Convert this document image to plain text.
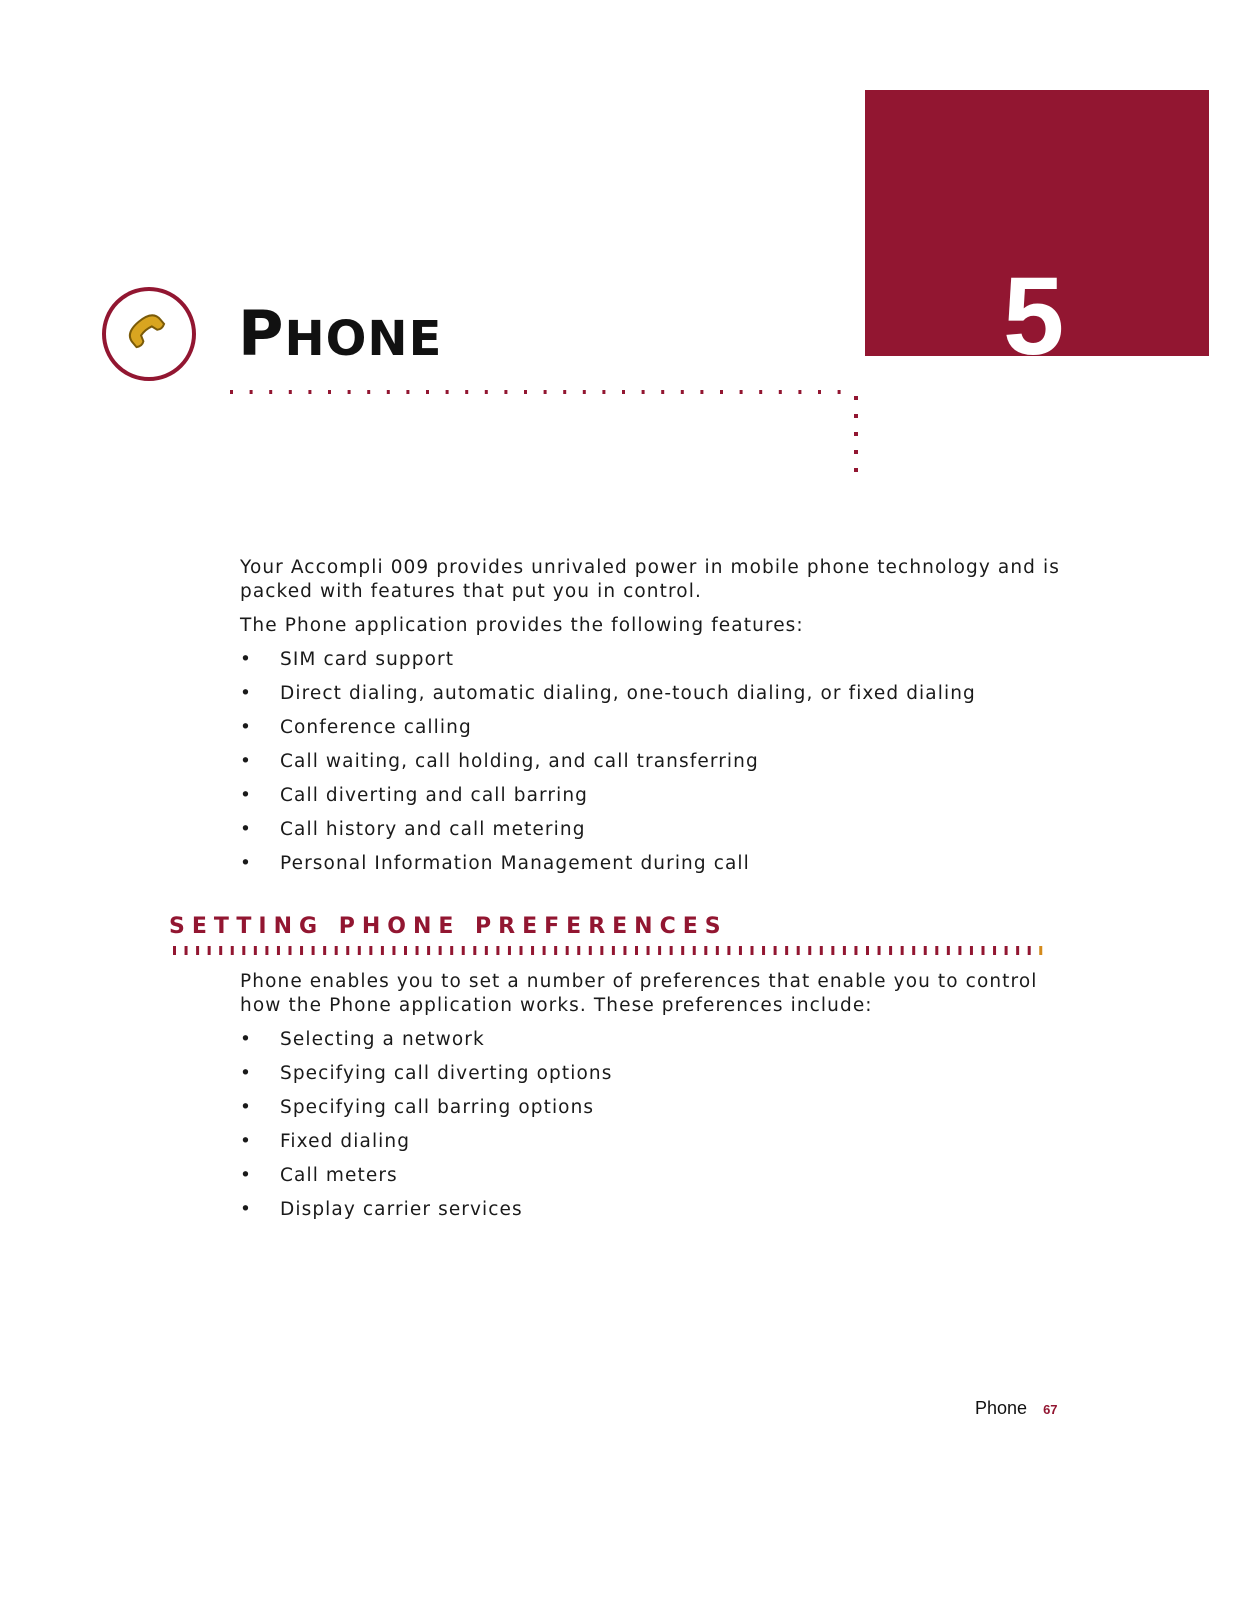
5
PHONE

Your Accompli 009 provides unrivaled power in mobile phone technology and is packed with features that put you in control.

The Phone application provides the following features:

• SIM card support
• Direct dialing, automatic dialing, one-touch dialing, or fixed dialing
• Conference calling
• Call waiting, call holding, and call transferring
• Call diverting and call barring
• Call history and call metering
• Personal Information Management during call
SETTING PHONE PREFERENCES

Phone enables you to set a number of preferences that enable you to control how the Phone application works. These preferences include:

• Selecting a network
• Specifying call diverting options
• Specifying call barring options
• Fixed dialing
• Call meters
• Display carrier services
Phone 67
